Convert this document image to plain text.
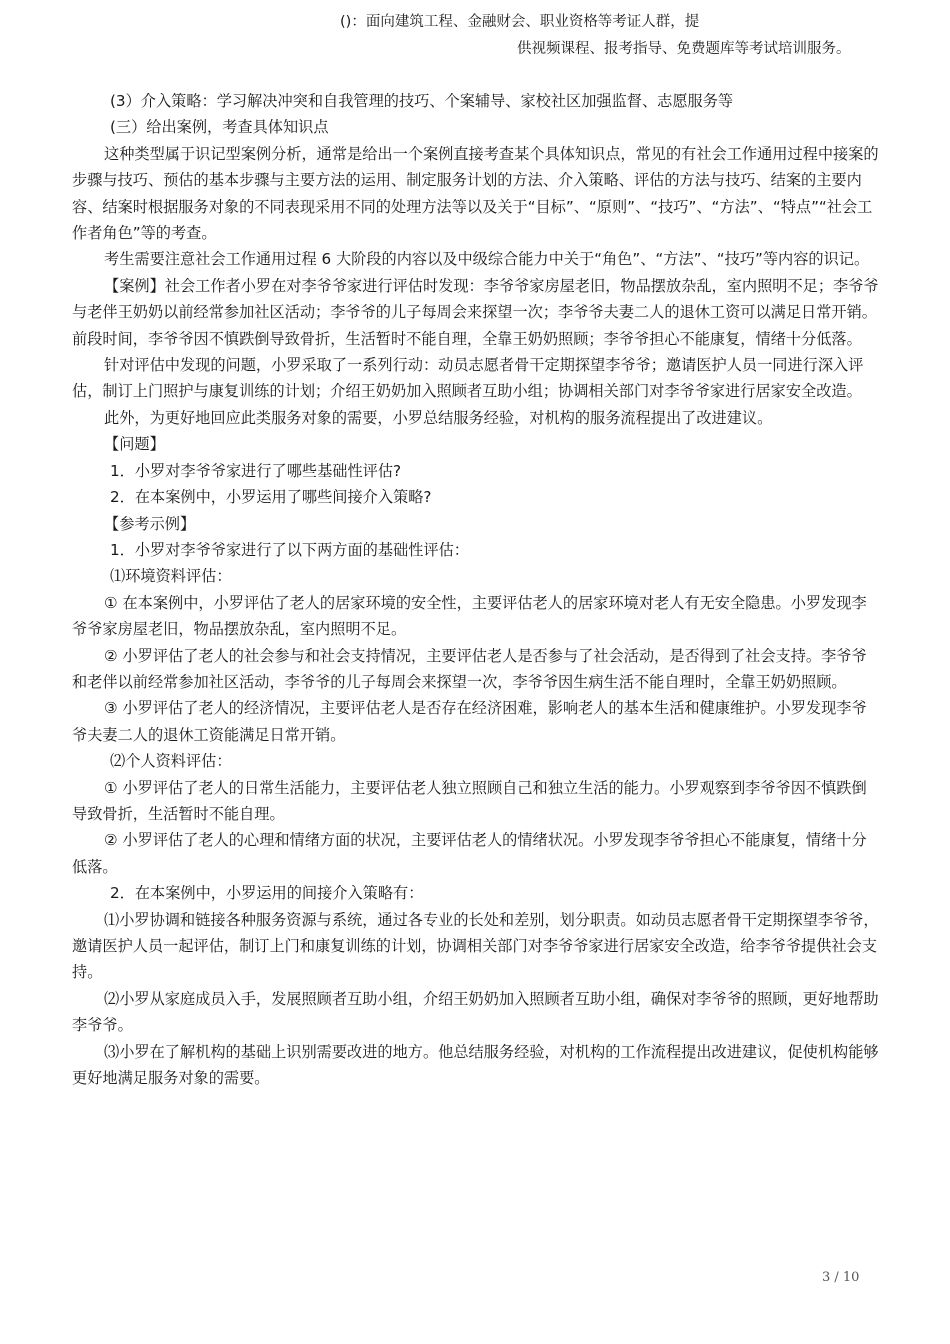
()：面向建筑工程、金融财会、职业资格等考证人群，提
供视频课程、报考指导、免费题库等考试培训服务。

(3）介入策略：学习解决冲突和自我管理的技巧、个案辅导、家校社区加强监督、志愿服务等

(三）给出案例，考查具体知识点

这种类型属于识记型案例分析，通常是给出一个案例直接考查某个具体知识点，常见的有社会工作通用过程中接案的步骤与技巧、预估的基本步骤与主要方法的运用、制定服务计划的方法、介入策略、评估的方法与技巧、结案的主要内容、结案时根据服务对象的不同表现采用不同的处理方法等以及关于“目标”、“原则”、“技巧”、“方法”、“特点”“社会工作者角色”等的考查。

考生需要注意社会工作通用过程 6 大阶段的内容以及中级综合能力中关于“角色”、“方法”、“技巧”等内容的识记。

【案例】社会工作者小罗在对李爷爷家进行评估时发现：李爷爷家房屋老旧，物品摆放杂乱，室内照明不足；李爷爷与老伴王奶奶以前经常参加社区活动；李爷爷的儿子每周会来探望一次；李爷爷夫妻二人的退休工资可以满足日常开销。前段时间，李爷爷因不慎跌倒导致骨折，生活暂时不能自理，全靠王奶奶照顾；李爷爷担心不能康复，情绪十分低落。

针对评估中发现的问题，小罗采取了一系列行动：动员志愿者骨干定期探望李爷爷；邀请医护人员一同进行深入评估，制订上门照护与康复训练的计划；介绍王奶奶加入照顾者互助小组；协调相关部门对李爷爷家进行居家安全改造。

此外，为更好地回应此类服务对象的需要，小罗总结服务经验，对机构的服务流程提出了改进建议。

【问题】

1．小罗对李爷爷家进行了哪些基础性评估?

2．在本案例中，小罗运用了哪些间接介入策略?

【参考示例】

1．小罗对李爷爷家进行了以下两方面的基础性评估：

⑴环境资料评估：

① 在本案例中，小罗评估了老人的居家环境的安全性，主要评估老人的居家环境对老人有无安全隐患。小罗发现李爷爷家房屋老旧，物品摆放杂乱，室内照明不足。

② 小罗评估了老人的社会参与和社会支持情况，主要评估老人是否参与了社会活动，是否得到了社会支持。李爷爷和老伴以前经常参加社区活动，李爷爷的儿子每周会来探望一次，李爷爷因生病生活不能自理时，全靠王奶奶照顾。

③ 小罗评估了老人的经济情况，主要评估老人是否存在经济困难，影响老人的基本生活和健康维护。小罗发现李爷爷夫妻二人的退休工资能满足日常开销。

⑵个人资料评估：

① 小罗评估了老人的日常生活能力，主要评估老人独立照顾自己和独立生活的能力。小罗观察到李爷爷因不慎跌倒导致骨折，生活暂时不能自理。

② 小罗评估了老人的心理和情绪方面的状况，主要评估老人的情绪状况。小罗发现李爷爷担心不能康复，情绪十分低落。

2．在本案例中，小罗运用的间接介入策略有：

⑴小罗协调和链接各种服务资源与系统，通过各专业的长处和差别，划分职责。如动员志愿者骨干定期探望李爷爷，邀请医护人员一起评估，制订上门和康复训练的计划，协调相关部门对李爷爷家进行居家安全改造，给李爷爷提供社会支持。

⑵小罗从家庭成员入手，发展照顾者互助小组，介绍王奶奶加入照顾者互助小组，确保对李爷爷的照顾，更好地帮助李爷爷。

⑶小罗在了解机构的基础上识别需要改进的地方。他总结服务经验，对机构的工作流程提出改进建议，促使机构能够更好地满足服务对象的需要。

3 / 10
